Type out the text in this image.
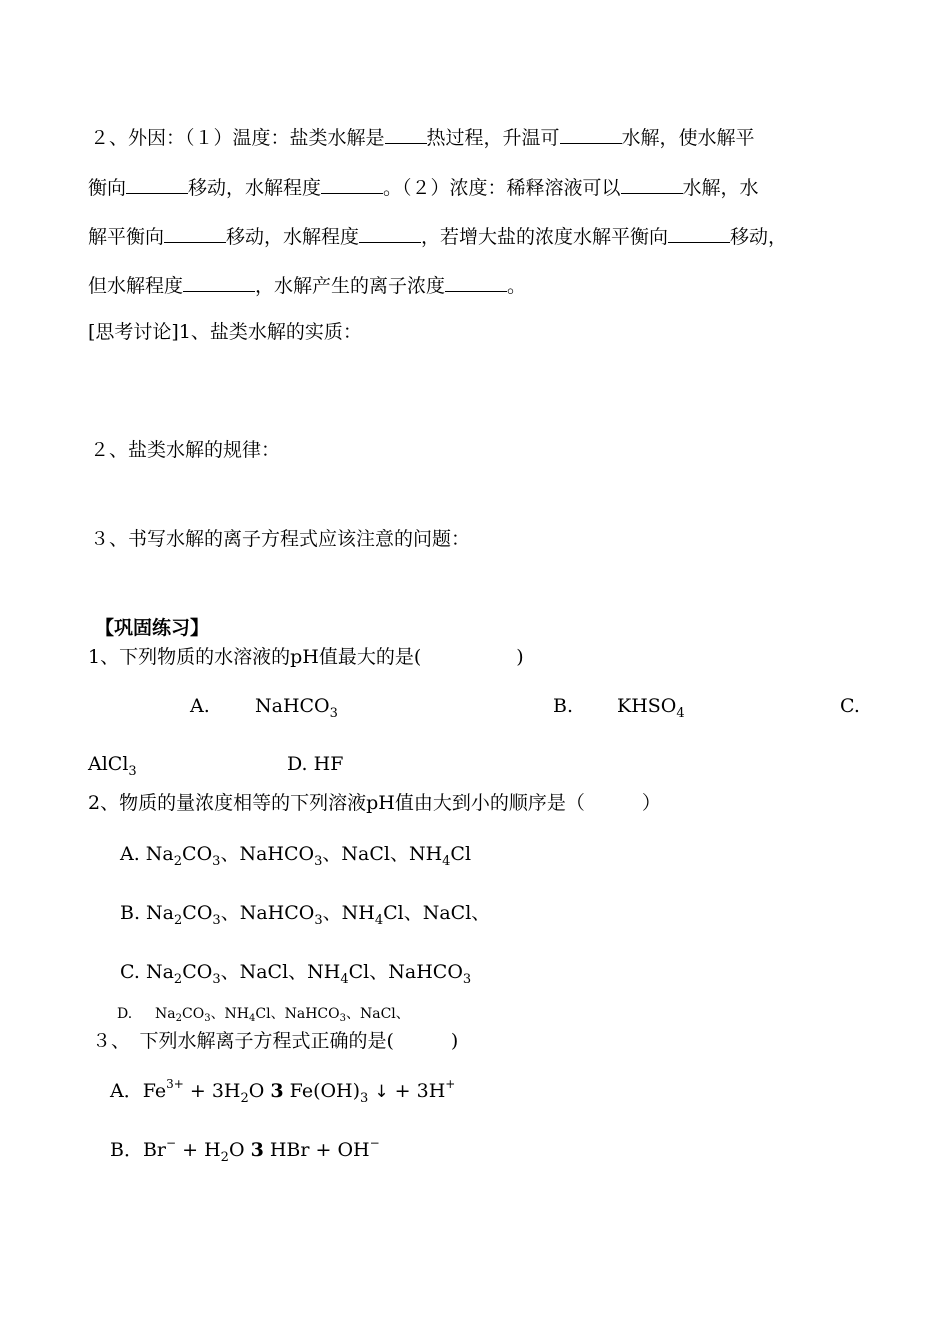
２、外因：（１）温度：盐类水解是 热过程，升温可	水解，使水解平
衡向	移动，水解程度	。（２）浓度：稀释溶液可以	水解，水
解平衡向	移动，水解程度	，若增大盐的浓度水解平衡向	移动，
但水解程度	，水解产生的离子浓度	。
[思考讨论]1、盐类水解的实质：
２、盐类水解的规律：
３、书写水解的离子方程式应该注意的问题：
【巩固练习】
1、下列物质的水溶液的pH值最大的是(　　　　　)
A. NaHCO$_3$	B. $KHSO_4$	C.
AlCl$_3$	D. HF
2、物质的量浓度相等的下列溶液pH值由大到小的顺序是（　　　）
A. $Na_2CO_3$、NaHCO$_3$、NaCl、$NH_4Cl$
B. $Na_2CO_3$、NaHCO$_3$、$NH_4Cl$、NaCl、
C. $Na_2CO_3$、NaCl、$NH_4Cl$、NaHCO$_3$
D. $Na_2CO_3$、$NH_4Cl$、NaHCO$_3$、NaCl、
３、　下列水解离子方程式正确的是(　　　)
A．$Fe^{3+} + 3H_2O$ 3 $Fe(OH)_3$ ↓ + 3H+
B．$Br^- + H_2O$ 3 HBr + OH−
